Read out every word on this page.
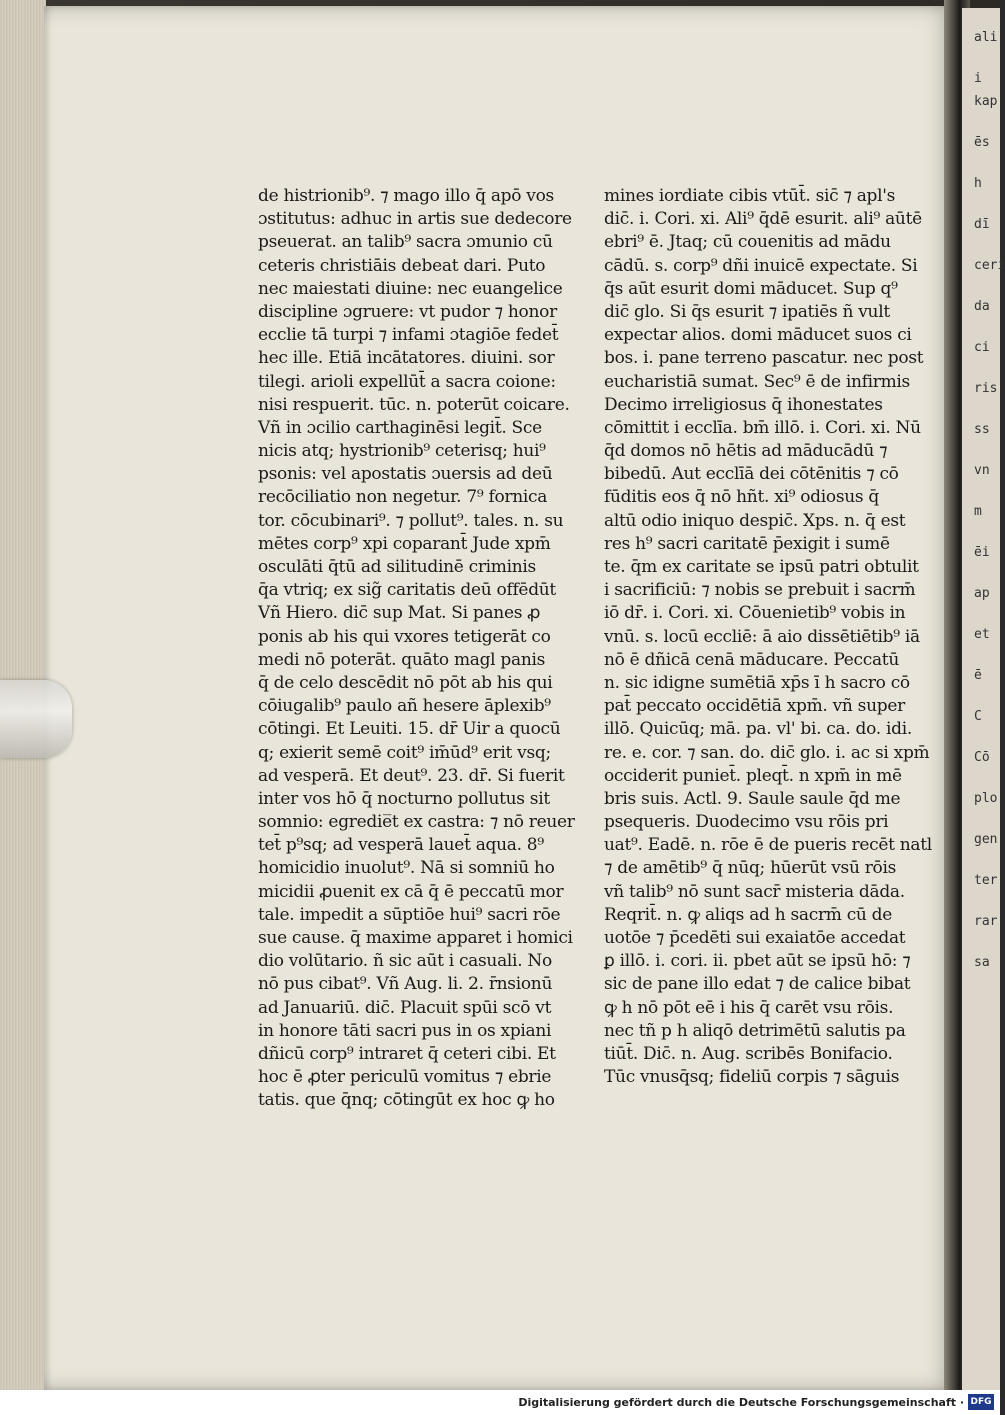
ali
i kap
ēs
h
dī
ceri
da
ci
ris
ss
vn
m
ēi
ap
et
ē
C
Cō
plo
gen
ter
rar
sa
de histrionib⁹. ⁊ mago illo q̄ apō vos
ɔstitutus: adhuc in artis sue dedecore
pseuerat. an talib⁹ sacra ɔmunio cū
ceteris christiāis debeat dari. Puto
nec maiestati diuine: nec euangelice
discipline ɔgruere: vt pudor ⁊ honor
ecclie tā turpi ⁊ infami ɔtagiōe fedet̄
hec ille. Etiā incātatores. diuini. sor
tilegi. arioli expellūt̄ a sacra coione:
nisi respuerit. tūc. n. poterūt coicare.
Vñ in ɔcilio carthaginēsi legit̄. Sce
nicis atq; hystrionib⁹ ceterisq; hui⁹
psonis: vel apostatis ɔuersis ad deū
recōciliatio non negetur. 7⁹ fornica
tor. cōcubinari⁹. ⁊ pollut⁹. tales. n. su
mētes corp⁹ xpi coparant̄ Jude xpm̄
osculāti q̄tū ad silitudinē criminis
q̄a vtriq; ex sig̃ caritatis deū offēdūt
Vñ Hiero. dic̄ sup Mat. Si panes ꝓ
ponis ab his qui vxores tetigerāt co
medi nō poterāt. quāto magl panis
q̄ de celo descēdit nō pōt ab his qui
cōiugalib⁹ paulo añ hesere āplexib⁹
cōtingi. Et Leuiti. 15. dr̄ Uir a quocū
q; exierit semē coit⁹ im̄ūd⁹ erit vsq;
ad vesperā. Et deut⁹. 23. dr̄. Si fuerit
inter vos hō q̄ nocturno pollutus sit
somnio: egredie̅t ex castra: ⁊ nō reuer
tet̄ p⁹sq; ad vesperā lauet̄ aqua. 8⁹
homicidio inuolut⁹. Nā si somniū ho
micidii ꝓuenit ex cā q̄ ē peccatū mor
tale. impedit a sūptiōe hui⁹ sacri rōe
sue cause. q̄ maxime apparet i homici
dio volūtario. ñ sic aūt i casuali. No
nō pus cibat⁹. Vñ Aug. li. 2. r̄nsionū
ad Januariū. dic̄. Placuit spūi scō vt
in honore tāti sacri pus in os xpiani
dñicū corp⁹ intraret q̄ ceteri cibi. Et
hoc ē ꝓter periculū vomitus ⁊ ebrie
tatis. que q̄nq; cōtingūt ex hoc ꝙ ho
mines iordiate cibis vtūt̄. sic̄ ⁊ apl's
dic̄. i. Cori. xi. Ali⁹ q̄dē esurit. ali⁹ aūtē
ebri⁹ ē. Jtaq; cū couenitis ad mādu
cādū. s. corp⁹ dñi inuicē expectate. Si
q̄s aūt esurit domi māducet. Sup q⁹
dic̄ glo. Si q̄s esurit ⁊ ipatiēs ñ vult
expectar alios. domi māducet suos ci
bos. i. pane terreno pascatur. nec post
eucharistiā sumat. Sec⁹ ē de infirmis
Decimo irreligiosus q̄ ihonestates
cōmittit i ecclīa. bm̄ illō. i. Cori. xi. Nū
q̄d domos nō hētis ad māducādū ⁊
bibedū. Aut ecclīā dei cōtēnitis ⁊ cō
fūditis eos q̄ nō hñt. xi⁹ odiosus q̄
altū odio iniquo despic̄. Xps. n. q̄ est
res h⁹ sacri caritatē p̄exigit i sumē
te. q̄m ex caritate se ipsū patri obtulit
i sacrificiū: ⁊ nobis se prebuit i sacrm̄
iō dr̄. i. Cori. xi. Cōuenietib⁹ vobis in
vnū. s. locū eccliē: ā aio dissētiētib⁹ iā
nō ē dñicā cenā māducare. Peccatū
n. sic idigne sumētiā xp̄s ī h sacro cō
pat̄ peccato occidētiā xpm̄. vñ super
illō. Quicūq; mā. pa. vl' bi. ca. do. idi.
re. e. cor. ⁊ san. do. dic̄ glo. i. ac si xpm̄
occiderit puniet̄. pleqt̄. n xpm̄ in mē
bris suis. Actl. 9. Saule saule q̄d me
psequeris. Duodecimo vsu rōis pri
uat⁹. Eadē. n. rōe ē de pueris recēt natl
⁊ de amētib⁹ q̄ nūq; hūerūt vsū rōis
vñ talib⁹ nō sunt sacr̄ misteria dāda.
Reqrit̄. n. ꝙ aliqs ad h sacrm̄ cū de
uotōe ⁊ p̄cedēti sui exaiatōe accedat
ꝑ illō. i. cori. ii. pbet aūt se ipsū hō: ⁊
sic de pane illo edat ⁊ de calice bibat
ꝙ h nō pōt eē i his q̄ carēt vsu rōis.
nec tñ p h aliqō detrimētū salutis pa
tiūt̄. Dic̄. n. Aug. scribēs Bonifacio.
Tūc vnusq̄sq; fideliū corpis ⁊ sāguis
Digitalisierung gefördert durch die Deutsche Forschungsgemeinschaft · DFG
